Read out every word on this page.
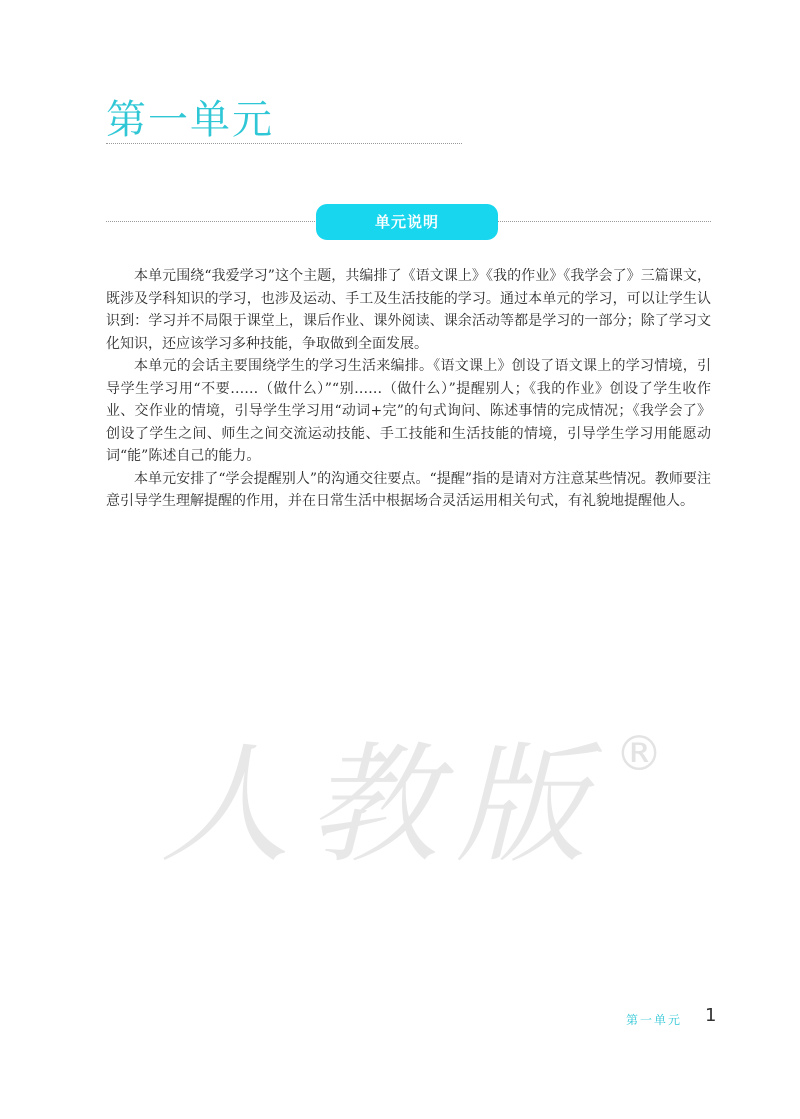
第一单元
单元说明

本单元围绕“我爱学习”这个主题，共编排了《语文课上》《我的作业》《我学会了》三篇课文，既涉及学科知识的学习，也涉及运动、手工及生活技能的学习。通过本单元的学习，可以让学生认识到：学习并不局限于课堂上，课后作业、课外阅读、课余活动等都是学习的一部分；除了学习文化知识，还应该学习多种技能，争取做到全面发展。

本单元的会话主要围绕学生的学习生活来编排。《语文课上》创设了语文课上的学习情境，引导学生学习用“不要……（做什么）”“别……（做什么）”提醒别人；《我的作业》创设了学生收作业、交作业的情境，引导学生学习用“动词+完”的句式询问、陈述事情的完成情况；《我学会了》创设了学生之间、师生之间交流运动技能、手工技能和生活技能的情境，引导学生学习用能愿动词“能”陈述自己的能力。

本单元安排了“学会提醒别人”的沟通交往要点。“提醒”指的是请对方注意某些情况。教师要注意引导学生理解提醒的作用，并在日常生活中根据场合灵活运用相关句式，有礼貌地提醒他人。

人教版 ®
第一单元 1
